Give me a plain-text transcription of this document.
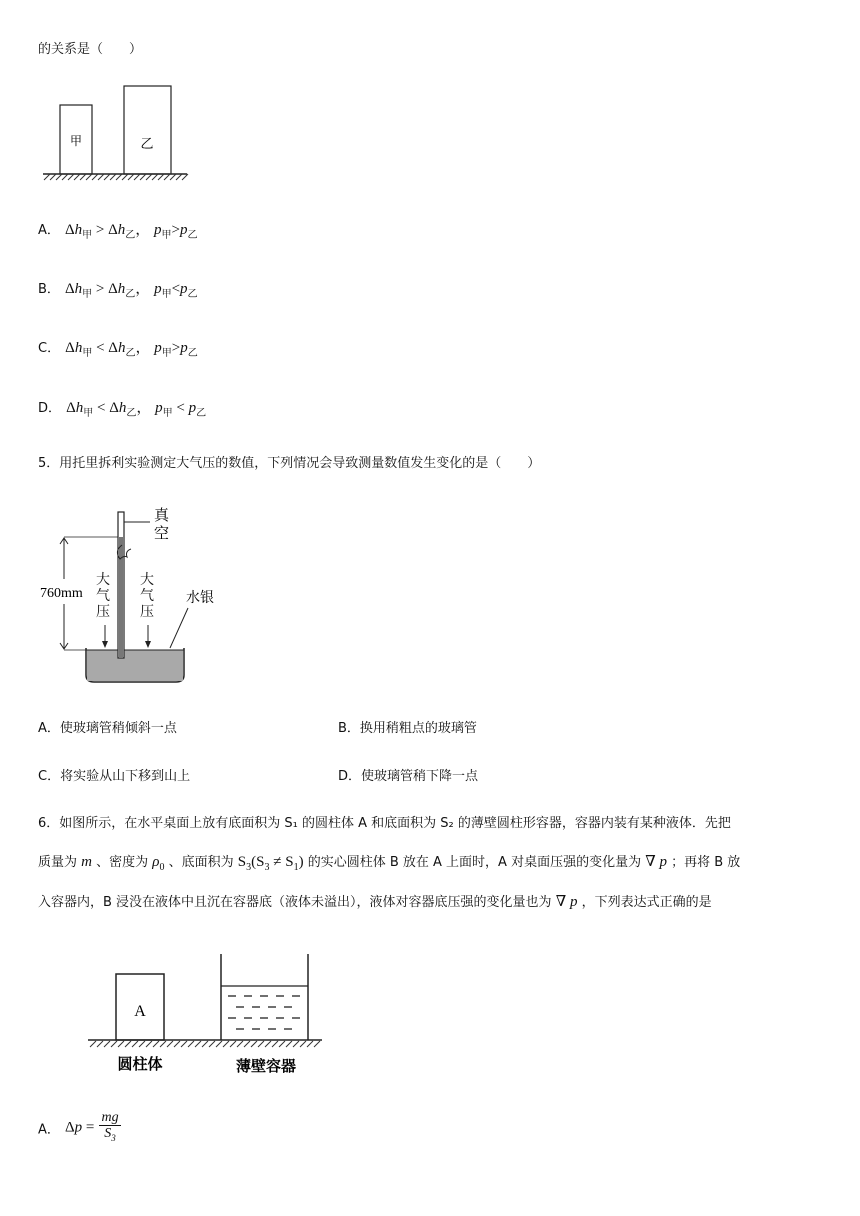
的关系是（　　）
甲	乙
A． $\Delta h_甲 > \Delta h_乙$， $p_甲>p_乙$
B． $\Delta h_甲 > \Delta h_乙$， $p_甲<p_乙$
C． $\Delta h_甲 < \Delta h_乙$， $p_甲>p_乙$
D． $\Delta h_甲 < \Delta h_乙$， $p_甲 < p_乙$
5．用托里拆利实验测定大气压的数值，下列情况会导致测量数值发生变化的是（　　）
真 空
760mm	水银
大气压
大气压
A．使玻璃管稍倾斜一点	B．换用稍粗点的玻璃管
C．将实验从山下移到山上	D．使玻璃管稍下降一点
6．如图所示，在水平桌面上放有底面积为 S₁ 的圆柱体 A 和底面积为 S₂ 的薄壁圆柱形容器，容器内装有某种液体．先把
质量为 m 、密度为 $\rho_0$ 、底面积为 $S_3(S_3 \ne S_1)$ 的实心圆柱体 B 放在 A 上面时，A 对桌面压强的变化量为 ∇ p ；再将 B 放
入容器内，B 浸没在液体中且沉在容器底（液体未溢出），液体对容器底压强的变化量也为 ∇ p ，下列表达式正确的是
A
圆柱体	薄壁容器
A． $\Delta p = \frac{mg}{S_3}$
